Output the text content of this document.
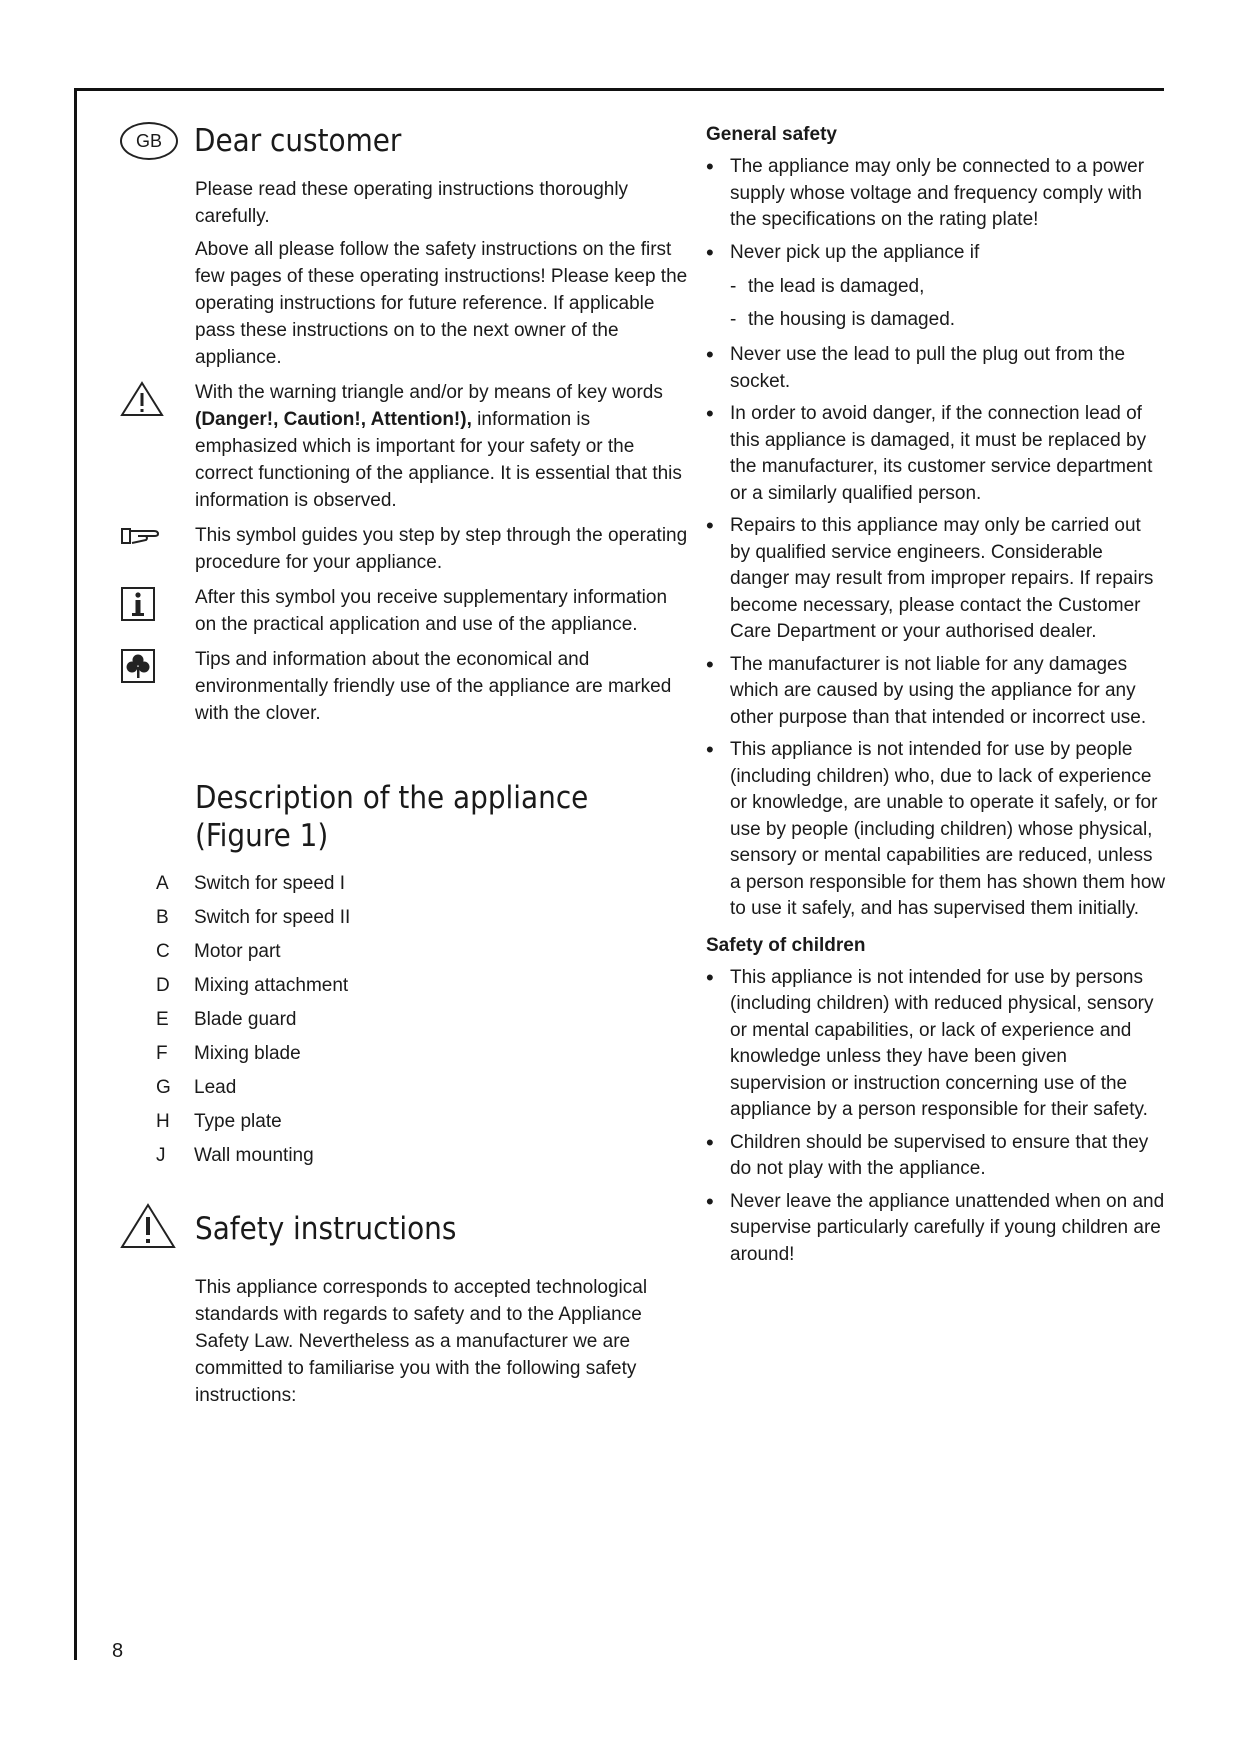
GB	Dear customer

Please read these operating instructions thoroughly carefully.

Above all please follow the safety instructions on the first few pages of these operating instructions! Please keep the operating instructions for future reference. If applicable pass these instructions on to the next owner of the appliance.

With the warning triangle and/or by means of key words (Danger!, Caution!, Attention!), information is emphasized which is important for your safety or the correct functioning of the appliance. It is essential that this information is observed.

This symbol guides you step by step through the operating procedure for your appliance.

After this symbol you receive supplementary information on the practical application and use of the appliance.

Tips and information about the economical and environmentally friendly use of the appliance are marked with the clover.

Description of the appliance (Figure 1)
A	Switch for speed I
B	Switch for speed II
C	Motor part
D	Mixing attachment
E	Blade guard
F	Mixing blade
G	Lead
H	Type plate
J	Wall mounting
Safety instructions

This appliance corresponds to accepted technological standards with regards to safety and to the Appliance Safety Law. Nevertheless as a manufacturer we are committed to familiarise you with the following safety instructions:

General safety
• The appliance may only be connected to a power supply whose voltage and frequency comply with the specifications on the rating plate!
• Never pick up the appliance if
- the lead is damaged,
- the housing is damaged.
• Never use the lead to pull the plug out from the socket.
• In order to avoid danger, if the connection lead of this appliance is damaged, it must be replaced by the manufacturer, its customer service department or a similarly qualified person.
• Repairs to this appliance may only be carried out by qualified service engineers. Considerable danger may result from improper repairs. If repairs become necessary, please contact the Customer Care Department or your authorised dealer.
• The manufacturer is not liable for any damages which are caused by using the appliance for any other purpose than that intended or incorrect use.
• This appliance is not intended for use by people (including children) who, due to lack of experience or knowledge, are unable to operate it safely, or for use by people (including children) whose physical, sensory or mental capabilities are reduced, unless a person responsible for them has shown them how to use it safely, and has supervised them initially.
Safety of children
• This appliance is not intended for use by persons (including children) with reduced physical, sensory or mental capabilities, or lack of experience and knowledge unless they have been given supervision or instruction concerning use of the appliance by a person responsible for their safety.
• Children should be supervised to ensure that they do not play with the appliance.
• Never leave the appliance unattended when on and supervise particularly carefully if young children are around!
8
